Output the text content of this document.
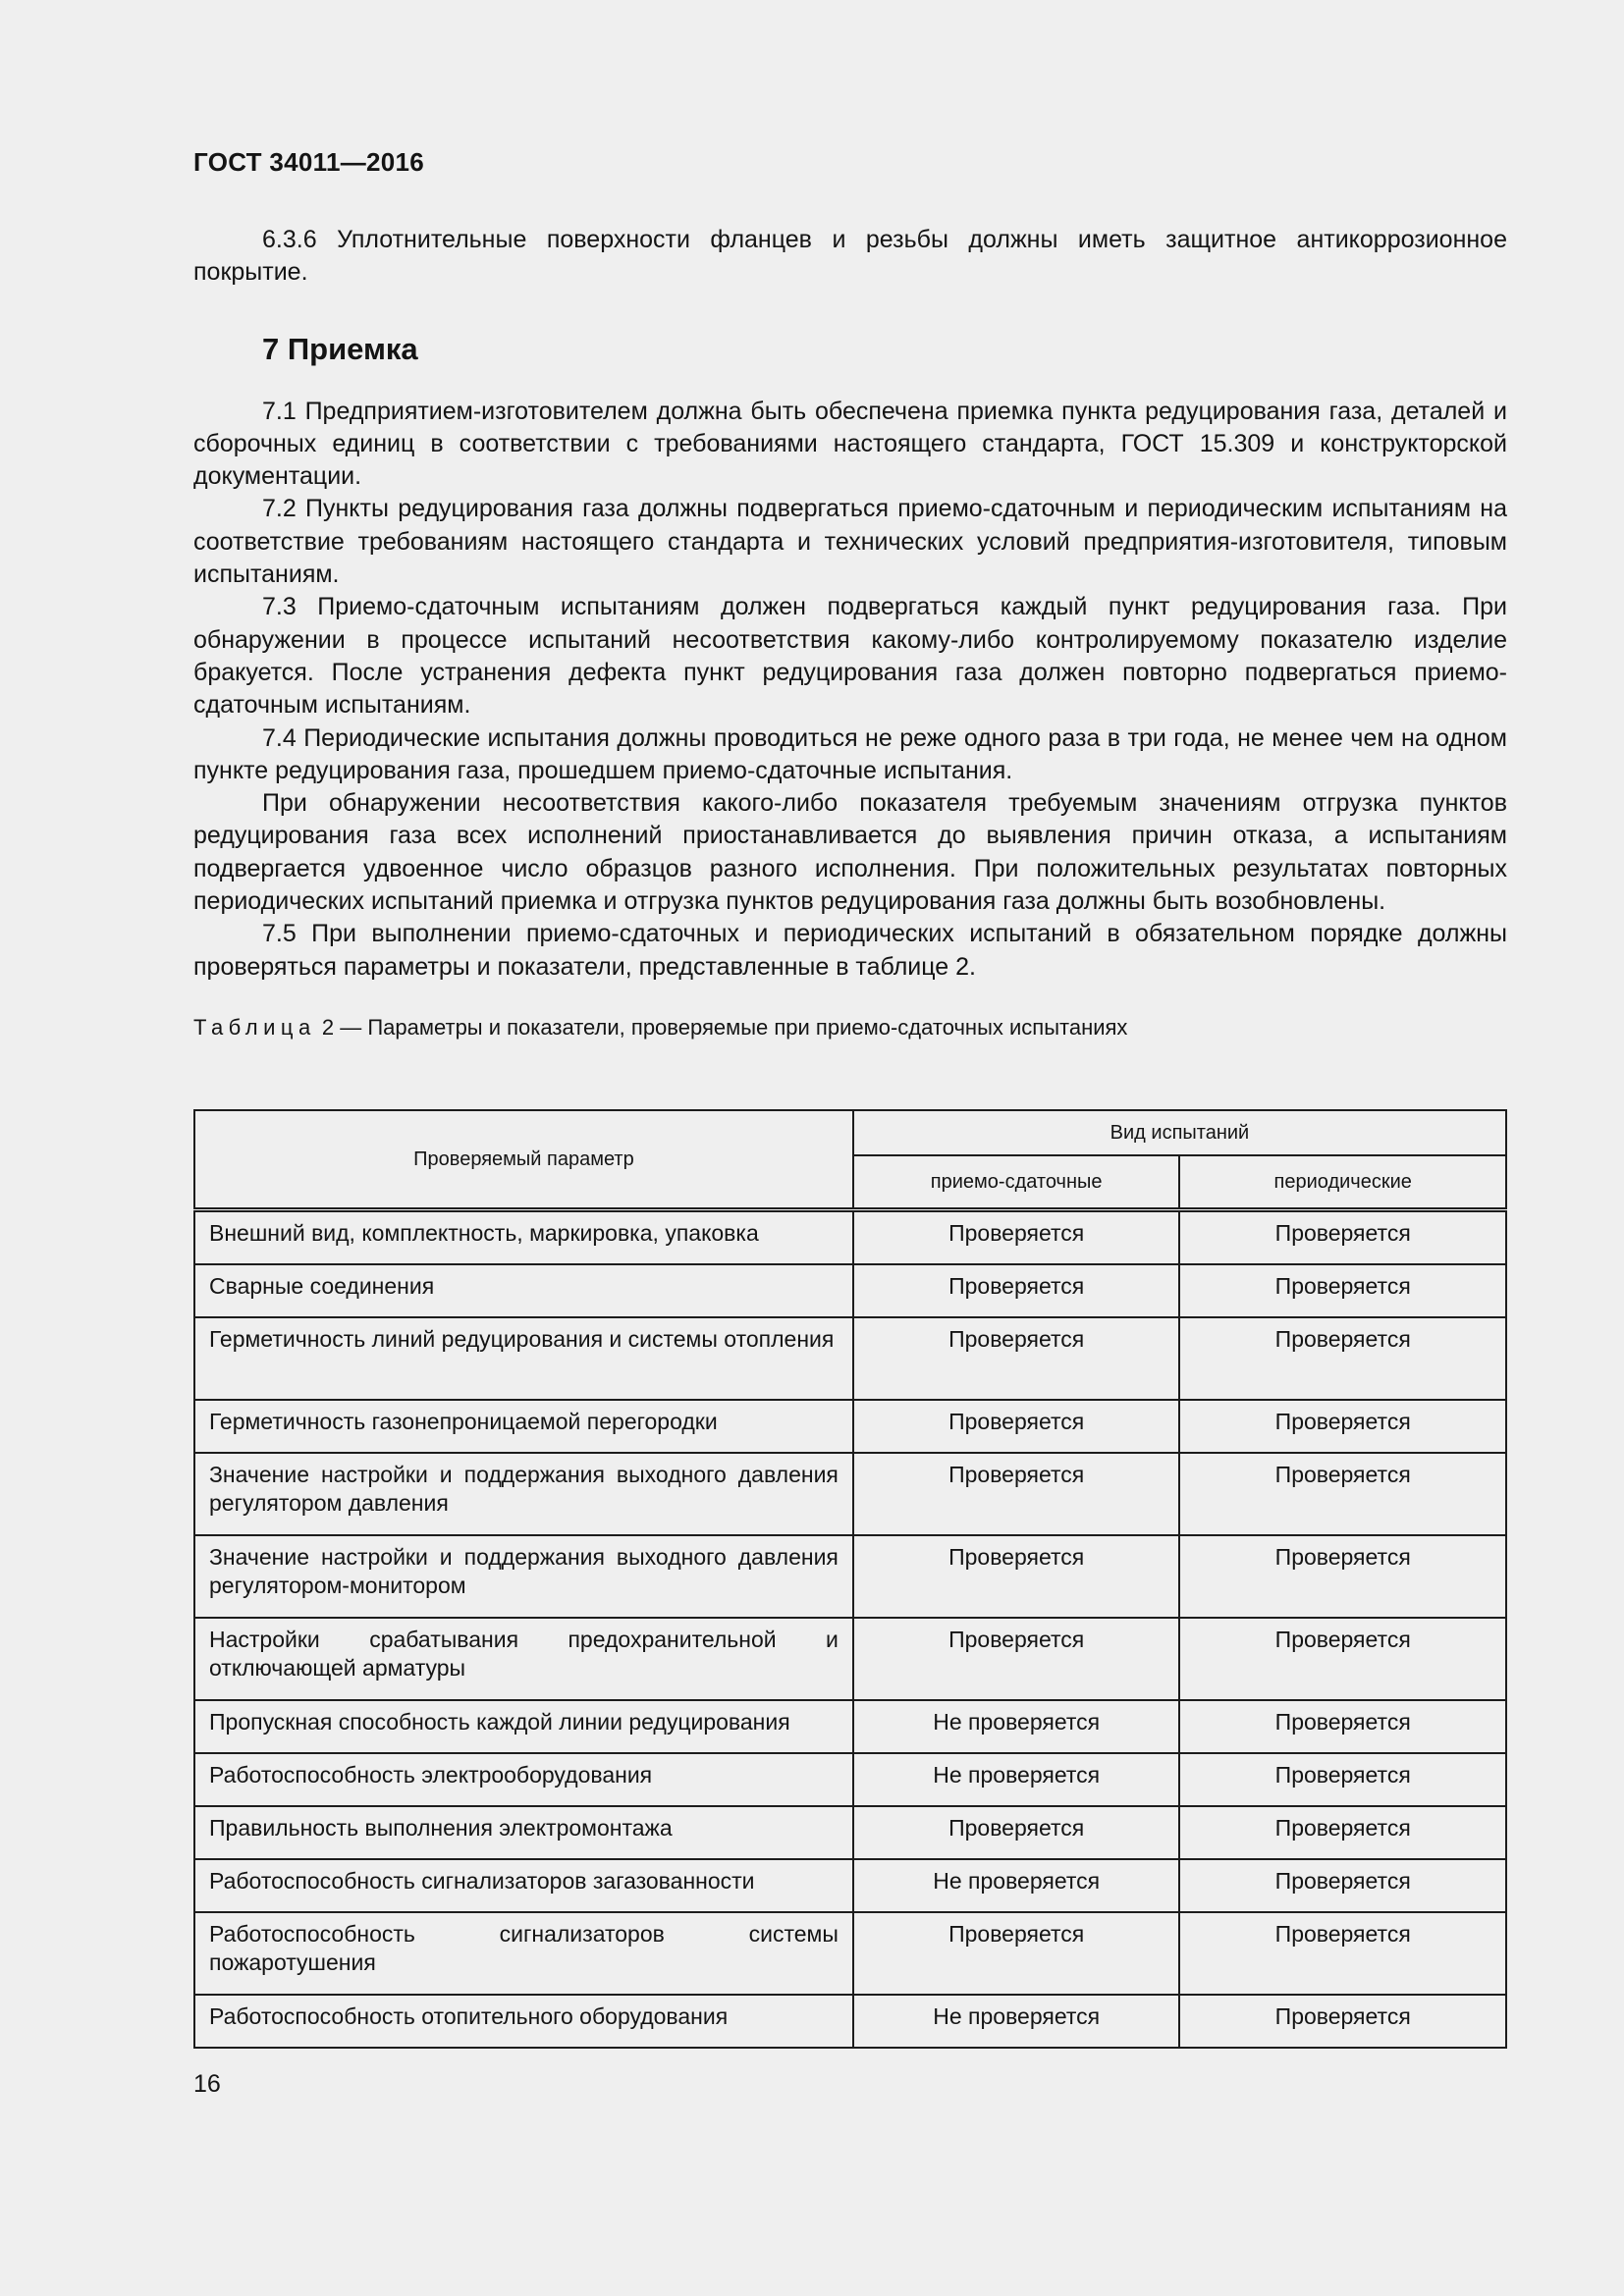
ГОСТ 34011—2016

6.3.6 Уплотнительные поверхности фланцев и резьбы должны иметь защитное антикоррозионное покрытие.

7 Приемка

7.1 Предприятием-изготовителем должна быть обеспечена приемка пункта редуцирования газа, деталей и сборочных единиц в соответствии с требованиями настоящего стандарта, ГОСТ 15.309 и конструкторской документации.

7.2 Пункты редуцирования газа должны подвергаться приемо-сдаточным и периодическим испытаниям на соответствие требованиям настоящего стандарта и технических условий предприятия-изготовителя, типовым испытаниям.

7.3 Приемо-сдаточным испытаниям должен подвергаться каждый пункт редуцирования газа. При обнаружении в процессе испытаний несоответствия какому-либо контролируемому показателю изделие бракуется. После устранения дефекта пункт редуцирования газа должен повторно подвергаться приемо-сдаточным испытаниям.

7.4 Периодические испытания должны проводиться не реже одного раза в три года, не менее чем на одном пункте редуцирования газа, прошедшем приемо-сдаточные испытания.

При обнаружении несоответствия какого-либо показателя требуемым значениям отгрузка пунктов редуцирования газа всех исполнений приостанавливается до выявления причин отказа, а испытаниям подвергается удвоенное число образцов разного исполнения. При положительных результатах повторных периодических испытаний приемка и отгрузка пунктов редуцирования газа должны быть возобновлены.

7.5 При выполнении приемо-сдаточных и периодических испытаний в обязательном порядке должны проверяться параметры и показатели, представленные в таблице 2.

Таблица 2 — Параметры и показатели, проверяемые при приемо-сдаточных испытаниях
Проверяемый параметр	Вид испытаний	
	приемо-сдаточные	периодические
Внешний вид, комплектность, маркировка, упаковка	Проверяется	Проверяется
Сварные соединения	Проверяется	Проверяется
Герметичность линий редуцирования и системы отопления	Проверяется	Проверяется
Герметичность газонепроницаемой перегородки	Проверяется	Проверяется
Значение настройки и поддержания выходного давления регулятором давления	Проверяется	Проверяется
Значение настройки и поддержания выходного давления регулятором-монитором	Проверяется	Проверяется
Настройки срабатывания предохранительной и отключающей арматуры	Проверяется	Проверяется
Пропускная способность каждой линии редуцирования	Не проверяется	Проверяется
Работоспособность электрооборудования	Не проверяется	Проверяется
Правильность выполнения электромонтажа	Проверяется	Проверяется
Работоспособность сигнализаторов загазованности	Не проверяется	Проверяется
Работоспособность сигнализаторов системы пожаротушения	Проверяется	Проверяется
Работоспособность отопительного оборудования	Не проверяется	Проверяется
16
